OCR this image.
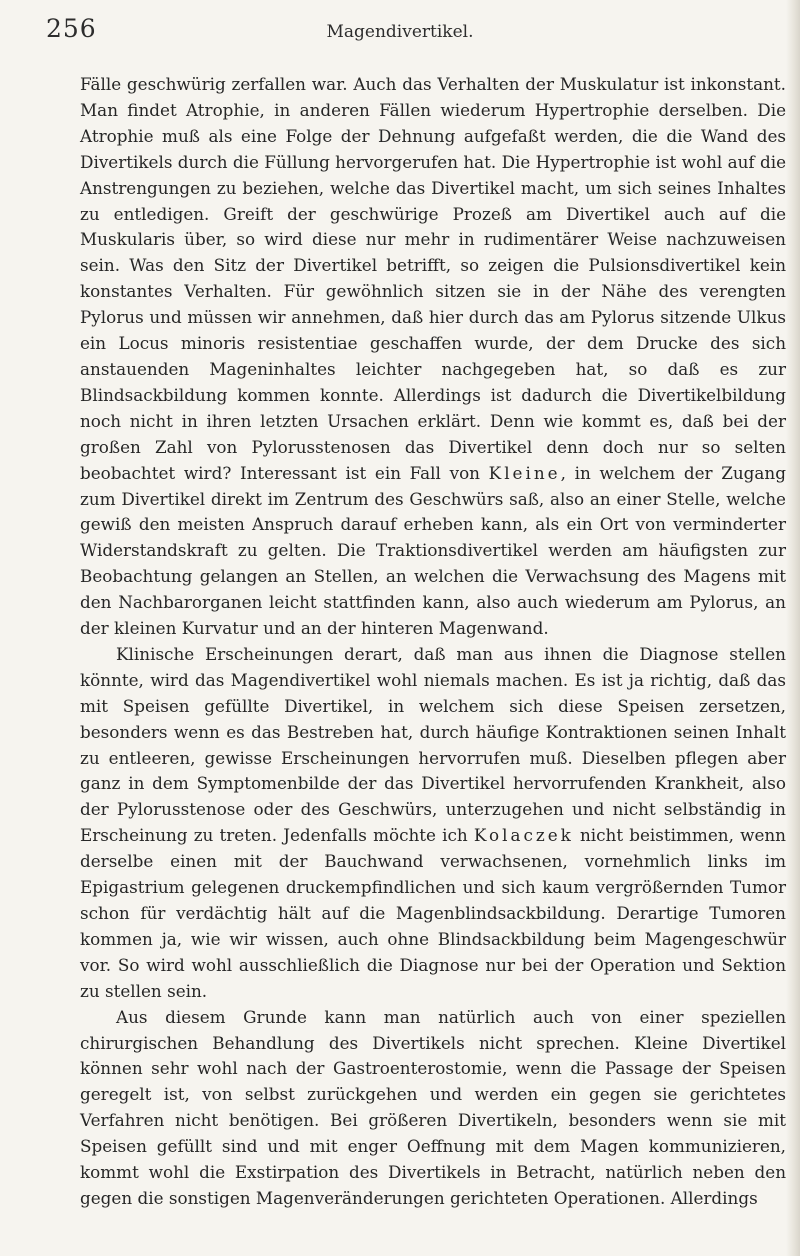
256	Magendivertikel.

Fälle geschwürig zerfallen war. Auch das Verhalten der Muskulatur ist inkonstant. Man findet Atrophie, in anderen Fällen wiederum Hypertrophie derselben. Die Atrophie muß als eine Folge der Dehnung aufgefaßt werden, die die Wand des Divertikels durch die Füllung hervorgerufen hat. Die Hypertrophie ist wohl auf die Anstrengungen zu beziehen, welche das Divertikel macht, um sich seines Inhaltes zu entledigen. Greift der geschwürige Prozeß am Divertikel auch auf die Muskularis über, so wird diese nur mehr in rudimentärer Weise nachzuweisen sein. Was den Sitz der Divertikel betrifft, so zeigen die Pulsionsdivertikel kein konstantes Verhalten. Für gewöhnlich sitzen sie in der Nähe des verengten Pylorus und müssen wir annehmen, daß hier durch das am Pylorus sitzende Ulkus ein Locus minoris resistentiae geschaffen wurde, der dem Drucke des sich anstauenden Mageninhaltes leichter nachgegeben hat, so daß es zur Blindsackbildung kommen konnte. Allerdings ist dadurch die Divertikelbildung noch nicht in ihren letzten Ursachen erklärt. Denn wie kommt es, daß bei der großen Zahl von Pylorusstenosen das Divertikel denn doch nur so selten beobachtet wird? Interessant ist ein Fall von Kleine, in welchem der Zugang zum Divertikel direkt im Zentrum des Geschwürs saß, also an einer Stelle, welche gewiß den meisten Anspruch darauf erheben kann, als ein Ort von verminderter Widerstandskraft zu gelten. Die Traktionsdivertikel werden am häufigsten zur Beobachtung gelangen an Stellen, an welchen die Verwachsung des Magens mit den Nachbarorganen leicht stattfinden kann, also auch wiederum am Pylorus, an der kleinen Kurvatur und an der hinteren Magenwand.

Klinische Erscheinungen derart, daß man aus ihnen die Diagnose stellen könnte, wird das Magendivertikel wohl niemals machen. Es ist ja richtig, daß das mit Speisen gefüllte Divertikel, in welchem sich diese Speisen zersetzen, besonders wenn es das Bestreben hat, durch häufige Kontraktionen seinen Inhalt zu entleeren, gewisse Erscheinungen hervorrufen muß. Dieselben pflegen aber ganz in dem Symptomenbilde der das Divertikel hervorrufenden Krankheit, also der Pylorusstenose oder des Geschwürs, unterzugehen und nicht selbständig in Erscheinung zu treten. Jedenfalls möchte ich Kolaczek nicht beistimmen, wenn derselbe einen mit der Bauchwand verwachsenen, vornehmlich links im Epigastrium gelegenen druckempfindlichen und sich kaum vergrößernden Tumor schon für verdächtig hält auf die Magenblindsackbildung. Derartige Tumoren kommen ja, wie wir wissen, auch ohne Blindsackbildung beim Magengeschwür vor. So wird wohl ausschließlich die Diagnose nur bei der Operation und Sektion zu stellen sein.

Aus diesem Grunde kann man natürlich auch von einer speziellen chirurgischen Behandlung des Divertikels nicht sprechen. Kleine Divertikel können sehr wohl nach der Gastroenterostomie, wenn die Passage der Speisen geregelt ist, von selbst zurückgehen und werden ein gegen sie gerichtetes Verfahren nicht benötigen. Bei größeren Divertikeln, besonders wenn sie mit Speisen gefüllt sind und mit enger Oeffnung mit dem Magen kommunizieren, kommt wohl die Exstirpation des Divertikels in Betracht, natürlich neben den gegen die sonstigen Magenveränderungen gerichteten Operationen. Allerdings
